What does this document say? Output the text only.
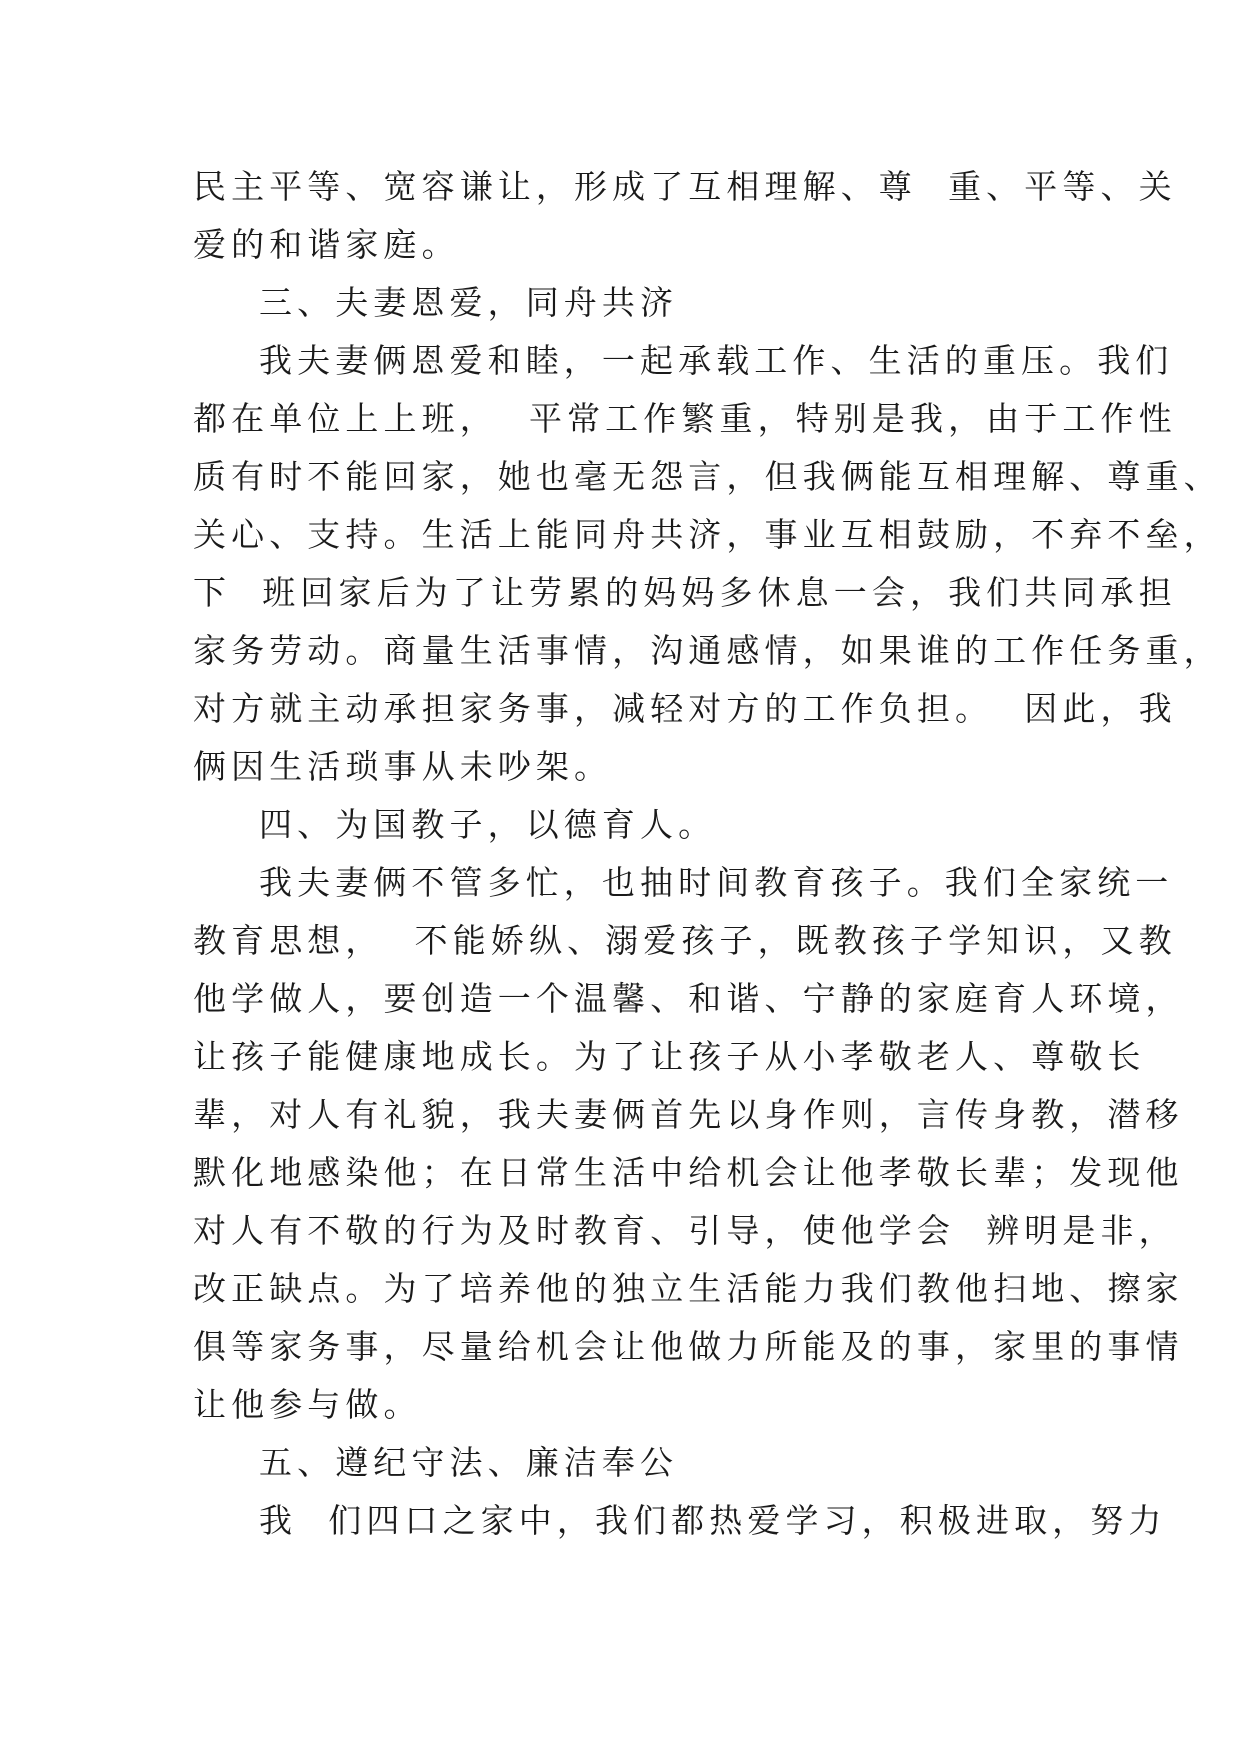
民主平等、宽容谦让，形成了互相理解、尊  重、平等、关
爱的和谐家庭。
三、夫妻恩爱，同舟共济
我夫妻俩恩爱和睦，一起承载工作、生活的重压。我们
都在单位上上班，  平常工作繁重，特别是我，由于工作性
质有时不能回家，她也毫无怨言，但我俩能互相理解、尊重、
关心、支持。生活上能同舟共济，事业互相鼓励，不弃不垒，
下  班回家后为了让劳累的妈妈多休息一会，我们共同承担
家务劳动。商量生活事情，沟通感情，如果谁的工作任务重，
对方就主动承担家务事，减轻对方的工作负担。  因此，我
俩因生活琐事从未吵架。
四、为国教子，以德育人。
我夫妻俩不管多忙，也抽时间教育孩子。我们全家统一
教育思想，  不能娇纵、溺爱孩子，既教孩子学知识，又教
他学做人，要创造一个温馨、和谐、宁静的家庭育人环境，
让孩子能健康地成长。为了让孩子从小孝敬老人、尊敬长
辈，对人有礼貌，我夫妻俩首先以身作则，言传身教，潜移
默化地感染他；在日常生活中给机会让他孝敬长辈；发现他
对人有不敬的行为及时教育、引导，使他学会  辨明是非，
改正缺点。为了培养他的独立生活能力我们教他扫地、擦家
俱等家务事，尽量给机会让他做力所能及的事，家里的事情
让他参与做。
五、遵纪守法、廉洁奉公
我  们四口之家中，我们都热爱学习，积极进取，努力
